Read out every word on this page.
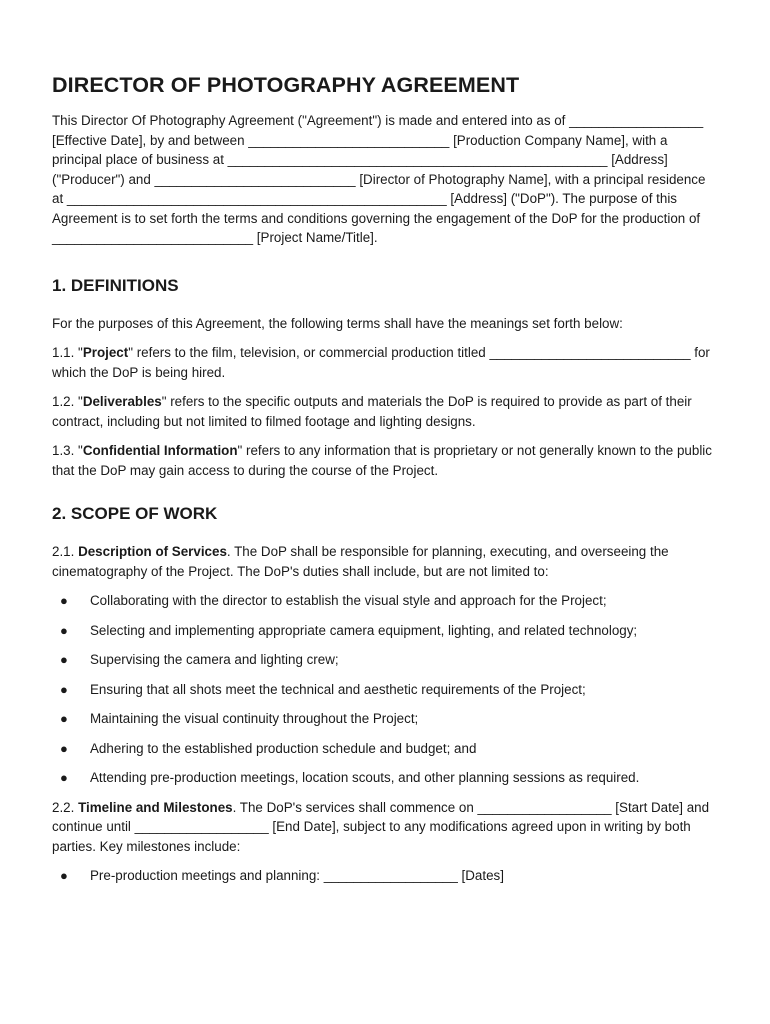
DIRECTOR OF PHOTOGRAPHY AGREEMENT

This Director Of Photography Agreement ("Agreement") is made and entered into as of __________________ [Effective Date], by and between ___________________________ [Production Company Name], with a principal place of business at ___________________________________________________ [Address] ("Producer") and ___________________________ [Director of Photography Name], with a principal residence at ___________________________________________________ [Address] ("DoP"). The purpose of this Agreement is to set forth the terms and conditions governing the engagement of the DoP for the production of ___________________________ [Project Name/Title].

1. DEFINITIONS

For the purposes of this Agreement, the following terms shall have the meanings set forth below:

1.1. "Project" refers to the film, television, or commercial production titled ___________________________ for which the DoP is being hired.

1.2. "Deliverables" refers to the specific outputs and materials the DoP is required to provide as part of their contract, including but not limited to filmed footage and lighting designs.

1.3. "Confidential Information" refers to any information that is proprietary or not generally known to the public that the DoP may gain access to during the course of the Project.

2. SCOPE OF WORK

2.1. Description of Services. The DoP shall be responsible for planning, executing, and overseeing the cinematography of the Project. The DoP's duties shall include, but are not limited to:

● Collaborating with the director to establish the visual style and approach for the Project;
● Selecting and implementing appropriate camera equipment, lighting, and related technology;
● Supervising the camera and lighting crew;
● Ensuring that all shots meet the technical and aesthetic requirements of the Project;
● Maintaining the visual continuity throughout the Project;
● Adhering to the established production schedule and budget; and
● Attending pre-production meetings, location scouts, and other planning sessions as required.

2.2. Timeline and Milestones. The DoP's services shall commence on __________________ [Start Date] and continue until __________________ [End Date], subject to any modifications agreed upon in writing by both parties. Key milestones include:

● Pre-production meetings and planning: __________________ [Dates]
